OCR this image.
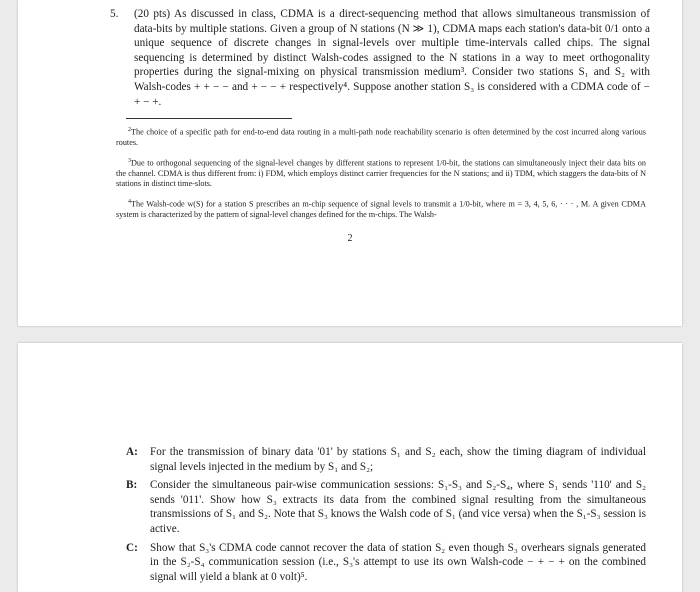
5.	(20 pts) As discussed in class, CDMA is a direct-sequencing method that allows simultaneous transmission of data-bits by multiple stations. Given a group of N stations (N ≫ 1), CDMA maps each station's data-bit 0/1 onto a unique sequence of discrete changes in signal-levels over multiple time-intervals called chips. The signal sequencing is determined by distinct Walsh-codes assigned to the N stations in a way to meet orthogonality properties during the signal-mixing on physical transmission medium³. Consider two stations S₁ and S₂ with Walsh-codes + + − − and + − − + respectively⁴. Suppose another station S₃ is considered with a CDMA code of − + − +.

$^2$The choice of a specific path for end-to-end data routing in a multi-path node reachability scenario is often determined by the cost incurred along various routes.

$^3$Due to orthogonal sequencing of the signal-level changes by different stations to represent 1/0-bit, the stations can simultaneously inject their data bits on the channel. CDMA is thus different from: i) FDM, which employs distinct carrier frequencies for the N stations; and ii) TDM, which staggers the data-bits of N stations in distinct time-slots.

$^4$The Walsh-code w(S) for a station S prescribes an m-chip sequence of signal levels to transmit a 1/0-bit, where m = 3, 4, 5, 6, · · · , M. A given CDMA system is characterized by the pattern of signal-level changes defined for the m-chips. The Walsh-

2
A: For the transmission of binary data '01' by stations S₁ and S₂ each, show the timing diagram of individual signal levels injected in the medium by S₁ and S₂;
B: Consider the simultaneous pair-wise communication sessions: S₁-S₃ and S₂-S₄, where S₁ sends '110' and S₂ sends '011'. Show how S₃ extracts its data from the combined signal resulting from the simultaneous transmissions of S₁ and S₂. Note that S₃ knows the Walsh code of S₁ (and vice versa) when the S₁-S₃ session is active.
C: Show that S₃'s CDMA code cannot recover the data of station S₂ even though S₃ overhears signals generated in the S₂-S₄ communication session (i.e., S₃'s attempt to use its own Walsh-code − + − + on the combined signal will yield a blank at 0 volt)⁵.
